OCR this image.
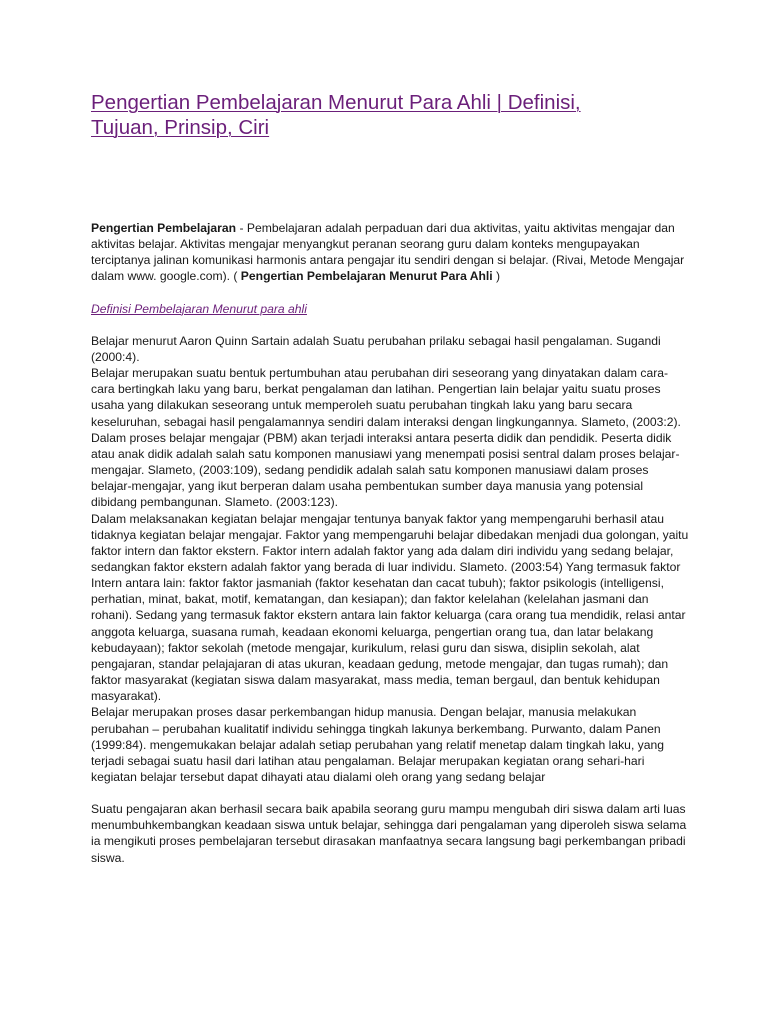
Pengertian Pembelajaran Menurut Para Ahli | Definisi,
Tujuan, Prinsip, Ciri

Pengertian Pembelajaran - Pembelajaran adalah perpaduan dari dua aktivitas, yaitu aktivitas mengajar dan aktivitas belajar. Aktivitas mengajar menyangkut peranan seorang guru dalam konteks mengupayakan terciptanya jalinan komunikasi harmonis antara pengajar itu sendiri dengan si belajar. (Rivai, Metode Mengajar dalam www. google.com). ( Pengertian Pembelajaran Menurut Para Ahli )

Definisi Pembelajaran Menurut para ahli

Belajar menurut Aaron Quinn Sartain adalah Suatu perubahan prilaku sebagai hasil pengalaman. Sugandi (2000:4).

Belajar merupakan suatu bentuk pertumbuhan atau perubahan diri seseorang yang dinyatakan dalam cara-cara bertingkah laku yang baru, berkat pengalaman dan latihan. Pengertian lain belajar yaitu suatu proses usaha yang dilakukan seseorang untuk memperoleh suatu perubahan tingkah laku yang baru secara keseluruhan, sebagai hasil pengalamannya sendiri dalam interaksi dengan lingkungannya. Slameto, (2003:2).

Dalam proses belajar mengajar (PBM) akan terjadi interaksi antara peserta didik dan pendidik. Peserta didik atau anak didik adalah salah satu komponen manusiawi yang menempati posisi sentral dalam proses belajar-mengajar. Slameto, (2003:109), sedang pendidik adalah salah satu komponen manusiawi dalam proses belajar-mengajar, yang ikut berperan dalam usaha pembentukan sumber daya manusia yang potensial dibidang pembangunan. Slameto. (2003:123).

Dalam melaksanakan kegiatan belajar mengajar tentunya banyak faktor yang mempengaruhi berhasil atau tidaknya kegiatan belajar mengajar. Faktor yang mempengaruhi belajar dibedakan menjadi dua golongan, yaitu faktor intern dan faktor ekstern. Faktor intern adalah faktor yang ada dalam diri individu yang sedang belajar, sedangkan faktor ekstern adalah faktor yang berada di luar individu. Slameto. (2003:54) Yang termasuk faktor Intern antara lain: faktor faktor jasmaniah (faktor kesehatan dan cacat tubuh); faktor psikologis (intelligensi, perhatian, minat, bakat, motif, kematangan, dan kesiapan); dan faktor kelelahan (kelelahan jasmani dan rohani). Sedang yang termasuk faktor ekstern antara lain faktor keluarga (cara orang tua mendidik, relasi antar anggota keluarga, suasana rumah, keadaan ekonomi keluarga, pengertian orang tua, dan latar belakang kebudayaan); faktor sekolah (metode mengajar, kurikulum, relasi guru dan siswa, disiplin sekolah, alat pengajaran, standar pelajajaran di atas ukuran, keadaan gedung, metode mengajar, dan tugas rumah); dan faktor masyarakat (kegiatan siswa dalam masyarakat, mass media, teman bergaul, dan bentuk kehidupan masyarakat).

Belajar merupakan proses dasar perkembangan hidup manusia. Dengan belajar, manusia melakukan perubahan – perubahan kualitatif individu sehingga tingkah lakunya berkembang. Purwanto, dalam Panen (1999:84). mengemukakan belajar adalah setiap perubahan yang relatif menetap dalam tingkah laku, yang terjadi sebagai suatu hasil dari latihan atau pengalaman. Belajar merupakan kegiatan orang sehari-hari kegiatan belajar tersebut dapat dihayati atau dialami oleh orang yang sedang belajar

Suatu pengajaran akan berhasil secara baik apabila seorang guru mampu mengubah diri siswa dalam arti luas menumbuhkembangkan keadaan siswa untuk belajar, sehingga dari pengalaman yang diperoleh siswa selama ia mengikuti proses pembelajaran tersebut dirasakan manfaatnya secara langsung bagi perkembangan pribadi siswa.
